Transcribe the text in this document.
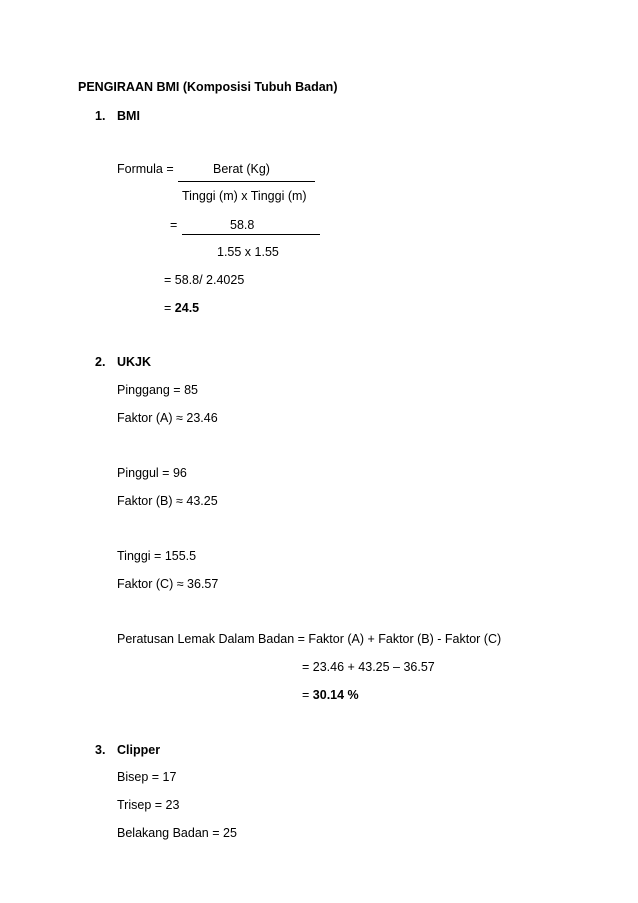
PENGIRAAN BMI (Komposisi Tubuh Badan)
1. BMI
Formula =	Berat (Kg)
Tinggi (m) x Tinggi (m)
=	58.8
1.55 x 1.55
= 58.8/ 2.4025
= 24.5
2. UKJK
Pinggang = 85
Faktor (A) ≈ 23.46
Pinggul = 96
Faktor (B) ≈ 43.25
Tinggi = 155.5
Faktor (C) ≈ 36.57
Peratusan Lemak Dalam Badan = Faktor (A) + Faktor (B) - Faktor (C)
= 23.46 + 43.25 – 36.57
= 30.14 %
3. Clipper
Bisep = 17
Trisep = 23
Belakang Badan = 25
